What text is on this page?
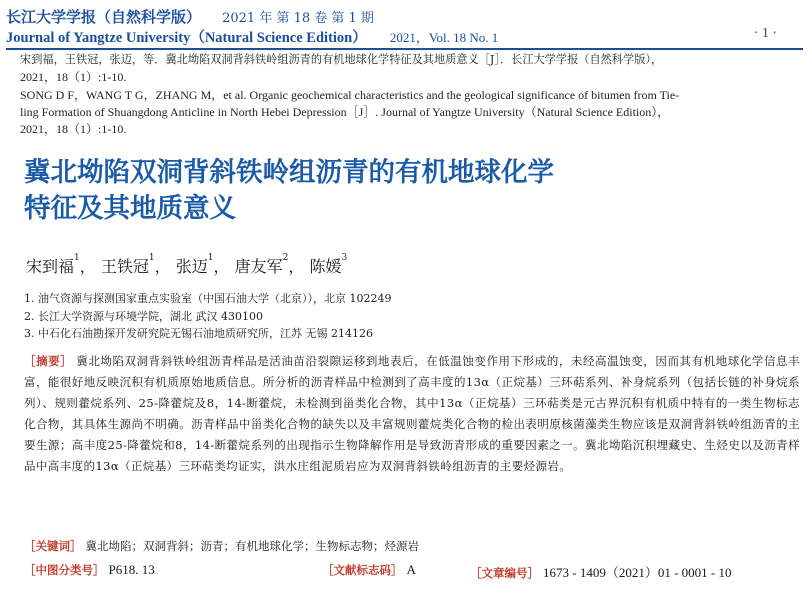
长江大学学报（自然科学版） 2021 年 第 18 卷 第 1 期
Journal of Yangtze University（Natural Science Edition） 2021，Vol. 18 No. 1	· 1 ·
宋到福，王铁冠，张迈，等．冀北坳陷双洞背斜铁岭组沥青的有机地球化学特征及其地质意义［J］．长江大学学报（自然科学版），
2021，18（1）:1-10.
SONG D F，WANG T G，ZHANG M，et al. Organic geochemical characteristics and the geological significance of bitumen from Tie-
ling Formation of Shuangdong Anticline in North Hebei Depression［J］. Journal of Yangtze University（Natural Science Edition），
2021，18（1）:1-10.
冀北坳陷双洞背斜铁岭组沥青的有机地球化学
特征及其地质意义
宋到福$^1$， 王铁冠$^1$， 张迈$^1$， 唐友军$^2$， 陈媛$^3$
1. 油气资源与探测国家重点实验室（中国石油大学（北京）），北京 102249
2. 长江大学资源与环境学院，湖北 武汉 430100
3. 中石化石油勘探开发研究院无锡石油地质研究所，江苏 无锡 214126
［摘要］ 冀北坳陷双洞背斜铁岭组沥青样品是活油苗沿裂隙运移到地表后，在低温蚀变作用下形成的，未经高温蚀变，因而其有机地球化学信息丰富，能很好地反映沉积有机质原始地质信息。所分析的沥青样品中检测到了高丰度的13α（正烷基）三环萜系列、补身烷系列（包括长链的补身烷系列）、规则藿烷系列、25-降藿烷及8，14-断藿烷，未检测到甾类化合物，其中13α（正烷基）三环萜类是元古界沉积有机质中特有的一类生物标志化合物，其具体生源尚不明确。沥青样品中甾类化合物的缺失以及丰富规则藿烷类化合物的检出表明原核菌藻类生物应该是双洞背斜铁岭组沥青的主要生源；高丰度25-降藿烷和8，14-断藿烷系列的出现指示生物降解作用是导致沥青形成的重要因素之一。冀北坳陷沉积埋藏史、生烃史以及沥青样品中高丰度的13α（正烷基）三环萜类均证实，洪水庄组泥质岩应为双洞背斜铁岭组沥青的主要烃源岩。
［关键词］ 冀北坳陷；双洞背斜；沥青；有机地球化学；生物标志物；烃源岩
［中图分类号］ P618. 13	［文献标志码］ A	［文章编号］ 1673 - 1409（2021）01 - 0001 - 10
